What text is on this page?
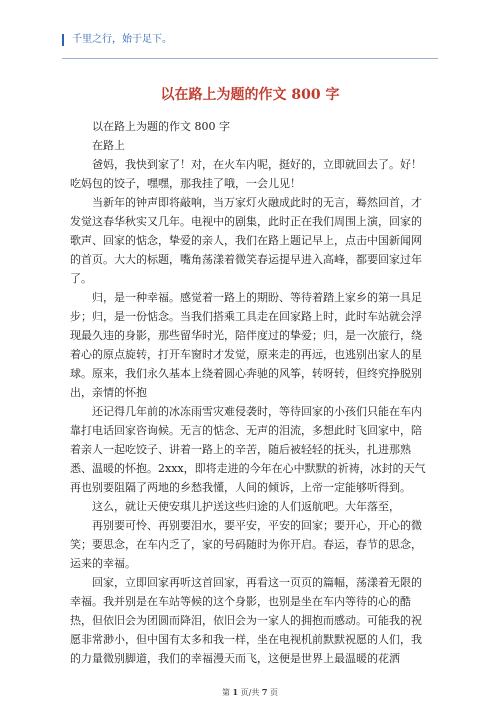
千里之行，始于足下。
以在路上为题的作文 800 字

以在路上为题的作文 800 字

在路上

爸妈，我快到家了！对，在火车内呢，挺好的，立即就回去了。好！吃妈包的饺子，嘿嘿，那我挂了哦，一会儿见！

当新年的钟声即将敲响，当万家灯火融成此时的无言，蓦然回首，才发觉这春华秋实又几年。电视中的剧集，此时正在我们周围上演，回家的歌声、回家的惦念，挚爱的亲人，我们在路上题记早上，点击中国新闻网的首页。大大的标题，嘴角荡漾着微笑春运提早进入高峰，都要回家过年了。

归，是一种幸福。感觉着一路上的期盼、等待着踏上家乡的第一具足步；归，是一份惦念。当我们搭乘工具走在回家路上时，此时车站就会浮现最久违的身影，那些留华时光，陪伴度过的挚爱；归，是一次旅行，绕着心的原点旋转，打开车窗时才发觉，原来走的再远，也逃别出家人的星球。原来，我们永久基本上绕着圆心奔驰的风筝，转呀转，但终究挣脱别出，亲情的怀抱

还记得几年前的冰冻雨雪灾难侵袭时，等待回家的小孩们只能在车内靠打电话回家咨询候。无言的惦念、无声的泪流，多想此时飞回家中，陪着亲人一起吃饺子、讲着一路上的辛苦，随后被轻轻的抚头，扎进那熟悉、温暖的怀抱。2xxx，即将走进的今年在心中默默的祈祷，冰封的天气再也别要阻隔了两地的乡愁我懂，人间的倾诉，上帝一定能够听得到。

这么，就让天使安琪儿护送这些归途的人们返航吧。大年落至，

再别要可怜、再别要泪水，要平安，平安的回家；要开心，开心的微笑；要思念，在车内乏了，家的号码随时为你开启。春运，春节的思念，运来的幸福。

回家，立即回家再听这首回家，再看这一页页的篇幅，荡漾着无限的幸福。我并别是在车站等候的这个身影，也别是坐在车内等待的心的酷热，但依旧会为团圆而降泪，依旧会为一家人的拥抱而感动。可能我的祝愿非常渺小，但中国有太多和我一样，坐在电视机前默默祝愿的人们，我的力量微别脚道，我们的幸福漫天而飞，这便是世界上最温暖的花洒

第 1 页/共 7 页
